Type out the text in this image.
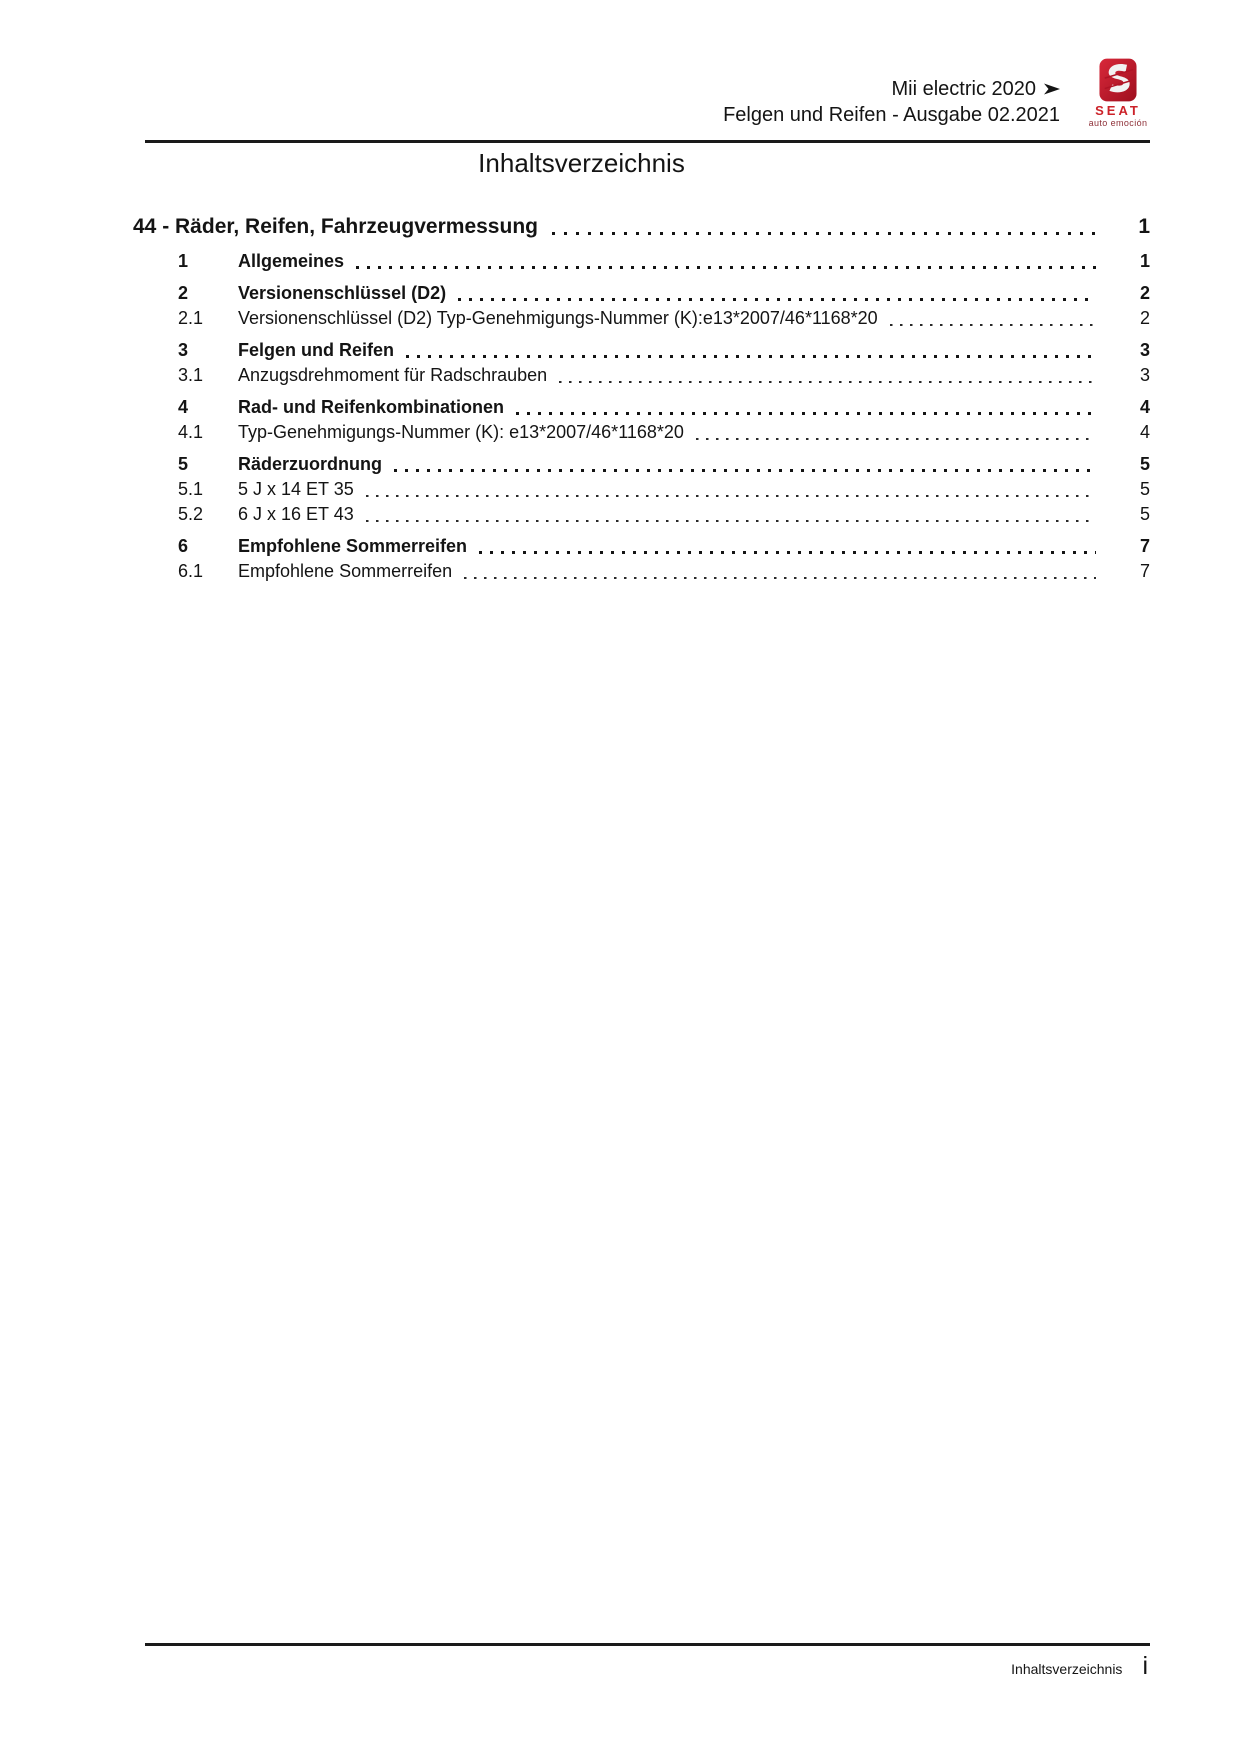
Mii electric 2020
Felgen und Reifen - Ausgabe 02.2021	SEAT
auto emoción
Inhaltsverzeichnis
44 - Räder, Reifen, Fahrzeugvermessung	1
1	Allgemeines	1
2	Versionenschlüssel (D2)	2
2.1	Versionenschlüssel (D2) Typ-Genehmigungs-Nummer (K):e13*2007/46*1168*20	2
3	Felgen und Reifen	3
3.1	Anzugsdrehmoment für Radschrauben	3
4	Rad- und Reifenkombinationen	4
4.1	Typ-Genehmigungs-Nummer (K): e13*2007/46*1168*20	4
5	Räderzuordnung	5
5.1	5 J x 14 ET 35	5
5.2	6 J x 16 ET 43	5
6	Empfohlene Sommerreifen	7
6.1	Empfohlene Sommerreifen	7
Inhaltsverzeichnis i
